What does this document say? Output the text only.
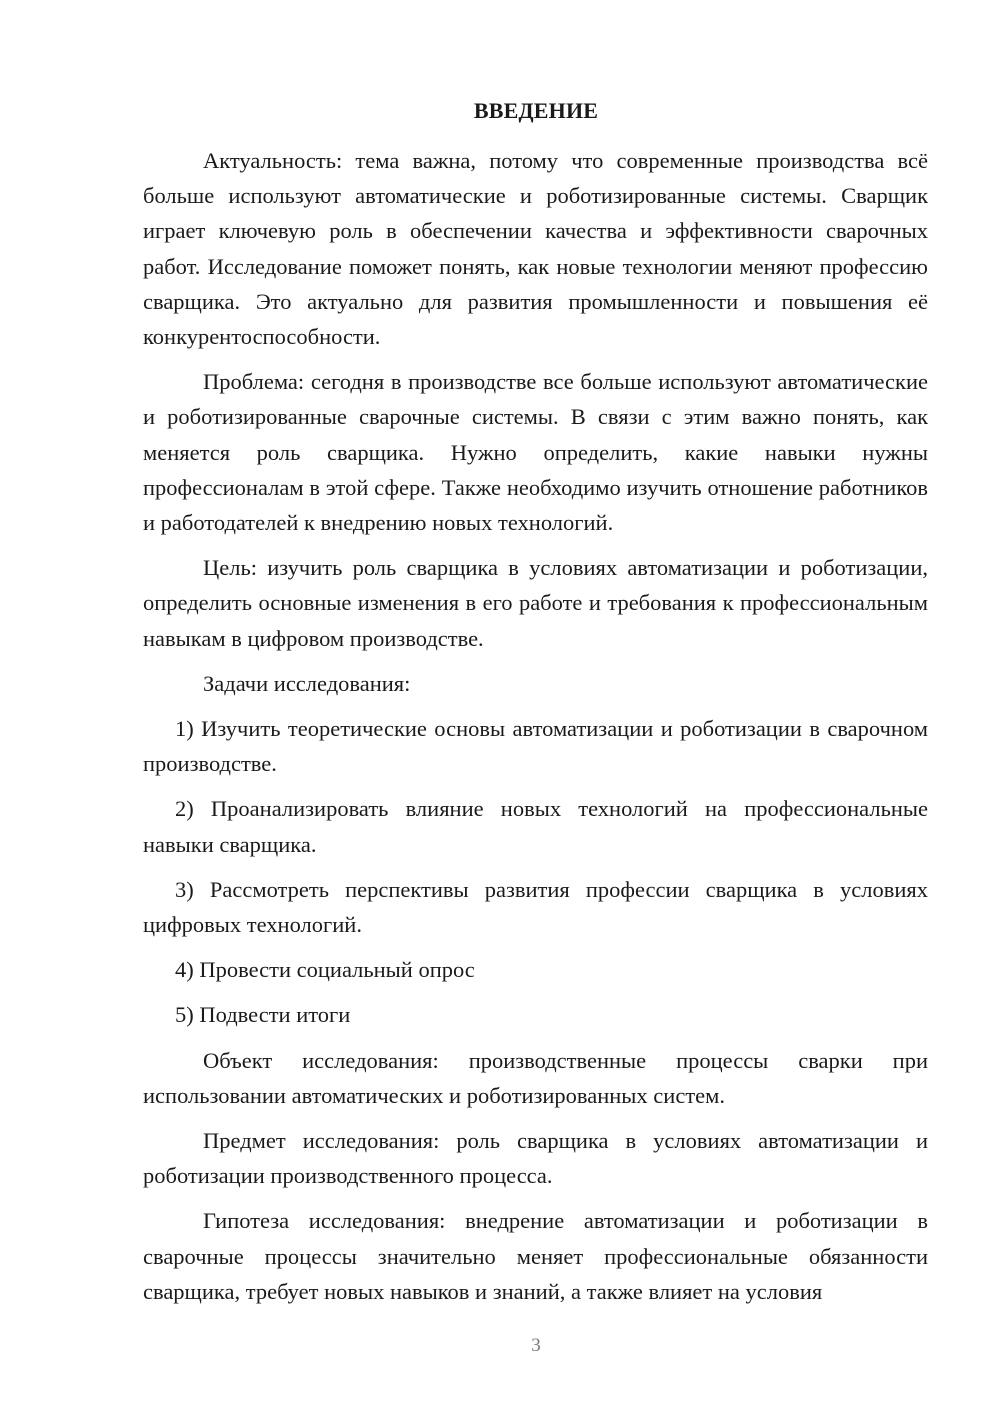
ВВЕДЕНИЕ

Актуальность: тема важна, потому что современные производства всё больше используют автоматические и роботизированные системы. Сварщик играет ключевую роль в обеспечении качества и эффективности сварочных работ. Исследование поможет понять, как новые технологии меняют профессию сварщика. Это актуально для развития промышленности и повышения её конкурентоспособности.

Проблема: сегодня в производстве все больше используют автоматические и роботизированные сварочные системы. В связи с этим важно понять, как меняется роль сварщика. Нужно определить, какие навыки нужны профессионалам в этой сфере. Также необходимо изучить отношение работников и работодателей к внедрению новых технологий.

Цель: изучить роль сварщика в условиях автоматизации и роботизации, определить основные изменения в его работе и требования к профессиональным навыкам в цифровом производстве.

Задачи исследования:

1) Изучить теоретические основы автоматизации и роботизации в сварочном производстве.

2) Проанализировать влияние новых технологий на профессиональные навыки сварщика.

3) Рассмотреть перспективы развития профессии сварщика в условиях цифровых технологий.

4) Провести социальный опрос

5) Подвести итоги

Объект исследования: производственные процессы сварки при использовании автоматических и роботизированных систем.

Предмет исследования: роль сварщика в условиях автоматизации и роботизации производственного процесса.

Гипотеза исследования: внедрение автоматизации и роботизации в сварочные процессы значительно меняет профессиональные обязанности сварщика, требует новых навыков и знаний, а также влияет на условия

3
